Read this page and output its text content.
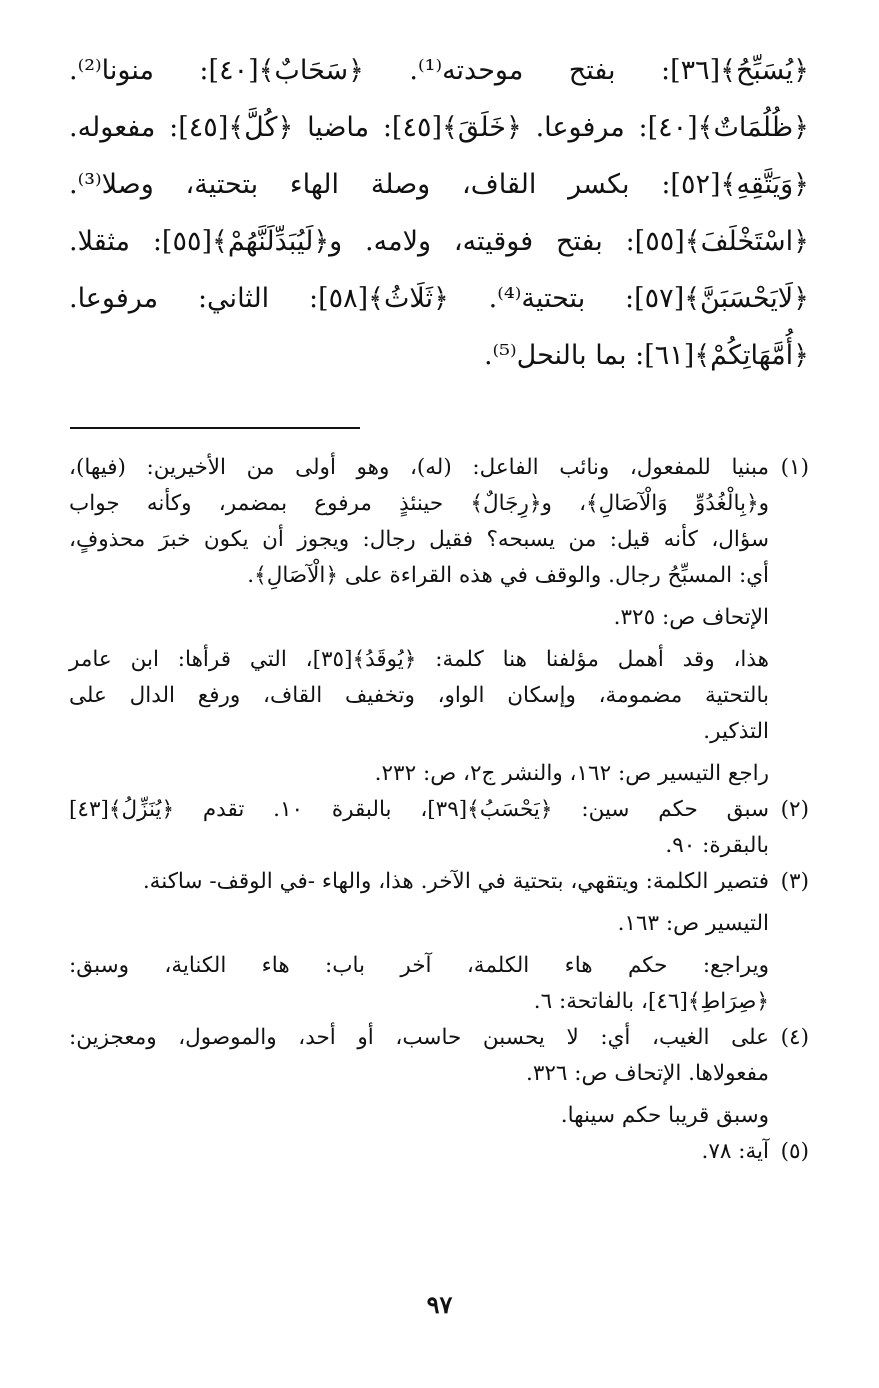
﴿يُسَبِّحُ﴾[٣٦]: بفتح موحدته⁽¹⁾. ﴿سَحَابٌ﴾[٤٠]: منونا⁽²⁾.
﴿ظُلُمَاتٌ﴾[٤٠]: مرفوعا. ﴿خَلَقَ﴾[٤٥]: ماضيا ﴿كُلَّ﴾[٤٥]: مفعوله.
﴿وَيَتَّقِهِ﴾[٥٢]: بكسر القاف، وصلة الهاء بتحتية، وصلا⁽³⁾.
﴿اسْتَخْلَفَ﴾[٥٥]: بفتح فوقيته، ولامه. و﴿لَيُبَدِّلَنَّهُمْ﴾[٥٥]: مثقلا.
﴿لَايَحْسَبَنَّ﴾[٥٧]: بتحتية⁽⁴⁾. ﴿ثَلَاثُ﴾[٥٨]: الثاني: مرفوعا.
﴿أُمَّهَاتِكُمْ﴾[٦١]: بما بالنحل⁽⁵⁾.
(١)
مبنيا للمفعول، ونائب الفاعل: (له)، وهو أولى من الأخيرين: (فيها)،
و﴿بِالْغُدُوِّ وَالْآصَالِ﴾، و﴿رِجَالٌ﴾ حينئذٍ مرفوع بمضمر، وكأنه جواب
سؤال، كأنه قيل: من يسبحه؟ فقيل رجال: ويجوز أن يكون خبرَ محذوفٍ،
أي: المسبِّحُ رجال. والوقف في هذه القراءة على ﴿الْآصَالِ﴾.
الإتحاف ص: ٣٢٥.
هذا، وقد أهمل مؤلفنا هنا كلمة: ﴿يُوقَدُ﴾[٣٥]، التي قرأها: ابن عامر
بالتحتية مضمومة، وإسكان الواو، وتخفيف القاف، ورفع الدال على
التذكير.
راجع التيسير ص: ١٦٢، والنشر ج٢، ص: ٢٣٢.
(٢)
سبق حكم سين: ﴿يَحْسَبُ﴾[٣٩]، بالبقرة ١٠. تقدم ﴿يُنَزِّلُ﴾[٤٣]
بالبقرة: ٩٠.
(٣)
فتصير الكلمة: ويتقهي، بتحتية في الآخر. هذا، والهاء -في الوقف- ساكنة.
التيسير ص: ١٦٣.
ويراجع: حكم هاء الكلمة، آخر باب: هاء الكناية، وسبق:
﴿صِرَاطِ﴾[٤٦]، بالفاتحة: ٦.
(٤)
على الغيب، أي: لا يحسبن حاسب، أو أحد، والموصول، ومعجزين:
مفعولاها. الإتحاف ص: ٣٢٦.
وسبق قريبا حكم سينها.
(٥)
آية: ٧٨.
٩٧
